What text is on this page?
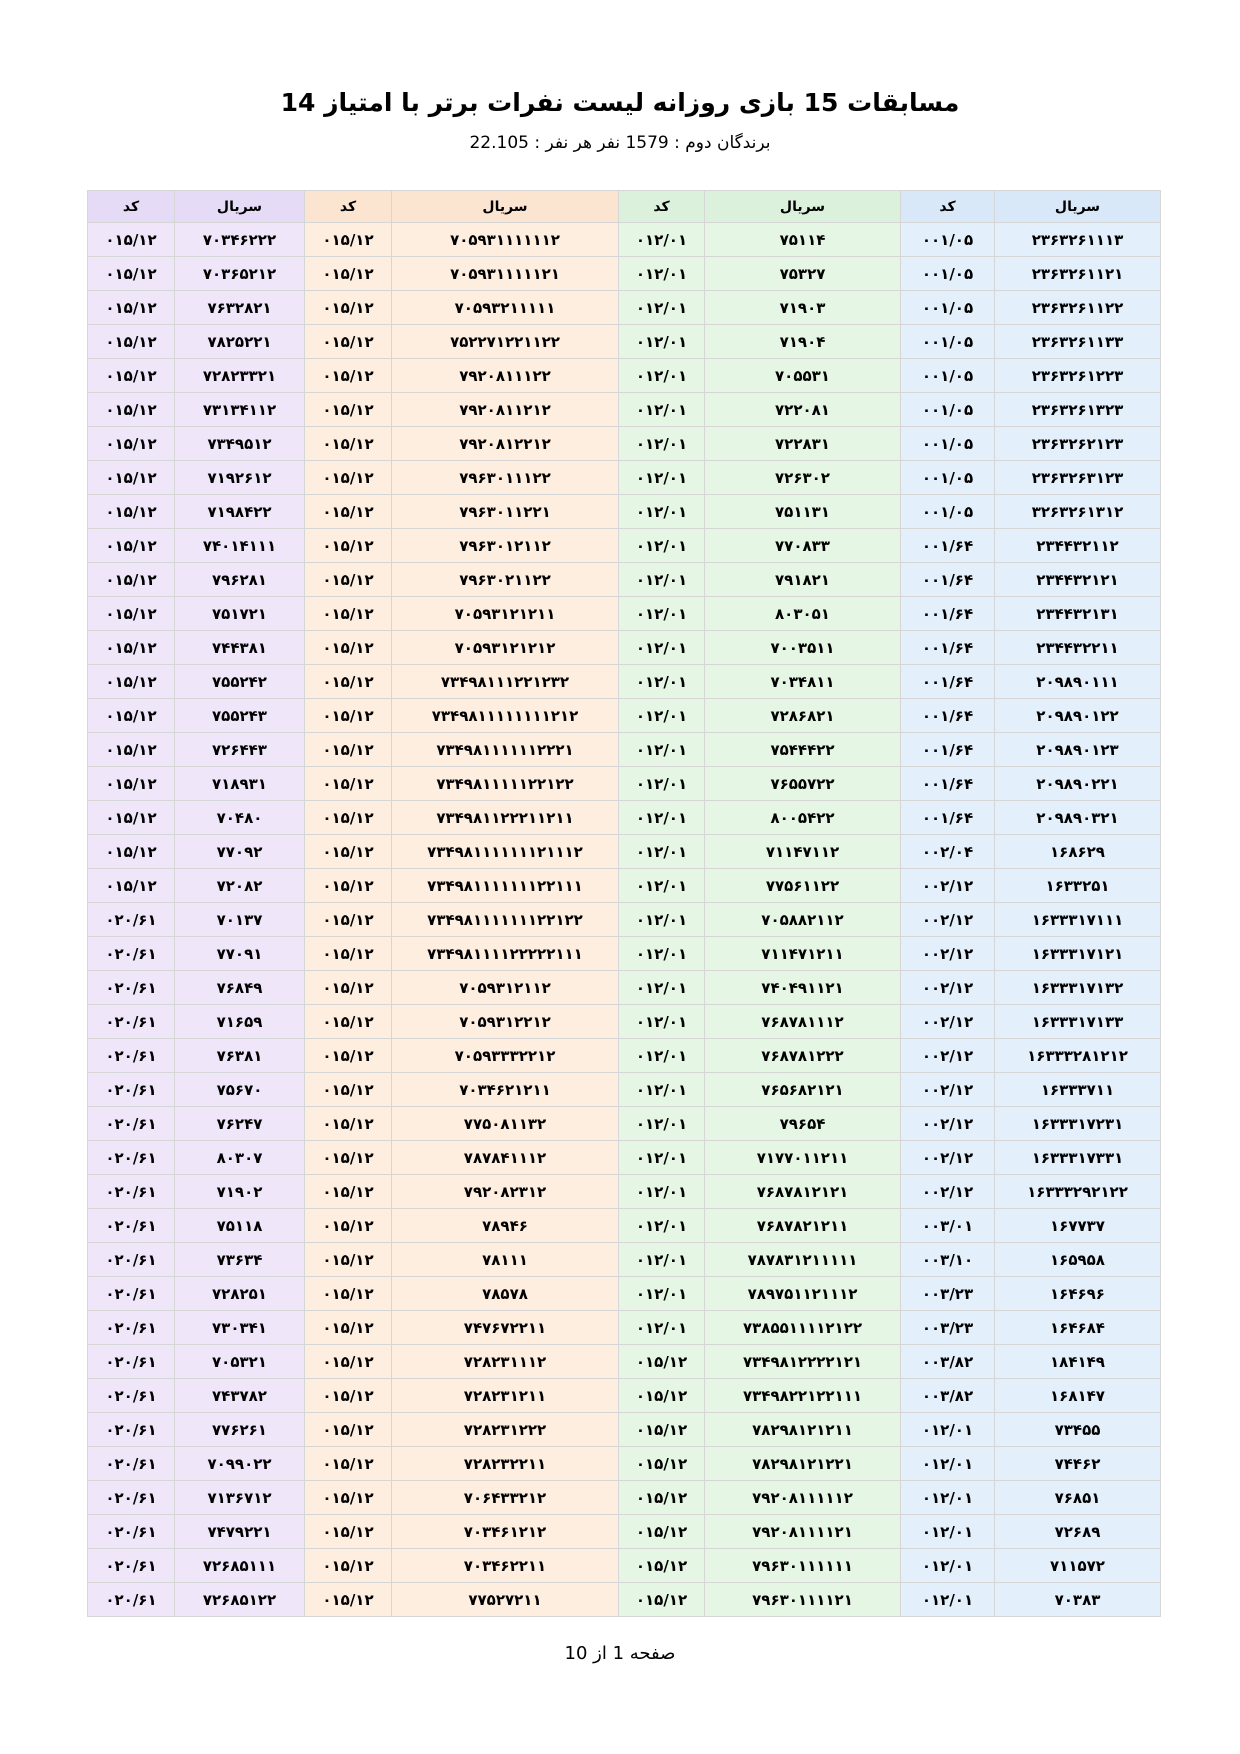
مسابقات 15 بازی روزانه لیست نفرات برتر با امتیاز 14
برندگان دوم : 1579 نفر هر نفر : 22.105
سریال	کد	سریال	کد	سریال	کد	سریال	کد
۲۳۶۳۲۶۱۱۱۳	۰۰۱/۰۵	۷۵۱۱۴	۰۱۲/۰۱	۷۰۵۹۳۱۱۱۱۱۱۲	۰۱۵/۱۲	۷۰۳۴۶۲۲۲	۰۱۵/۱۲
۲۳۶۳۲۶۱۱۲۱	۰۰۱/۰۵	۷۵۳۲۷	۰۱۲/۰۱	۷۰۵۹۳۱۱۱۱۱۲۱	۰۱۵/۱۲	۷۰۳۶۵۲۱۲	۰۱۵/۱۲
۲۳۶۳۲۶۱۱۲۲	۰۰۱/۰۵	۷۱۹۰۳	۰۱۲/۰۱	۷۰۵۹۳۲۱۱۱۱۱	۰۱۵/۱۲	۷۶۳۲۸۲۱	۰۱۵/۱۲
۲۳۶۳۲۶۱۱۳۳	۰۰۱/۰۵	۷۱۹۰۴	۰۱۲/۰۱	۷۵۲۲۷۱۲۲۱۱۲۲	۰۱۵/۱۲	۷۸۲۵۲۲۱	۰۱۵/۱۲
۲۳۶۳۲۶۱۲۲۳	۰۰۱/۰۵	۷۰۵۵۳۱	۰۱۲/۰۱	۷۹۲۰۸۱۱۱۲۲	۰۱۵/۱۲	۷۲۸۲۳۳۲۱	۰۱۵/۱۲
۲۳۶۳۲۶۱۳۲۳	۰۰۱/۰۵	۷۲۲۰۸۱	۰۱۲/۰۱	۷۹۲۰۸۱۱۲۱۲	۰۱۵/۱۲	۷۳۱۳۴۱۱۲	۰۱۵/۱۲
۲۳۶۳۲۶۲۱۲۳	۰۰۱/۰۵	۷۲۲۸۳۱	۰۱۲/۰۱	۷۹۲۰۸۱۲۲۱۲	۰۱۵/۱۲	۷۳۴۹۵۱۲	۰۱۵/۱۲
۲۳۶۳۲۶۳۱۲۳	۰۰۱/۰۵	۷۲۶۳۰۲	۰۱۲/۰۱	۷۹۶۳۰۱۱۱۲۲	۰۱۵/۱۲	۷۱۹۲۶۱۲	۰۱۵/۱۲
۳۲۶۳۲۶۱۳۱۲	۰۰۱/۰۵	۷۵۱۱۳۱	۰۱۲/۰۱	۷۹۶۳۰۱۱۲۲۱	۰۱۵/۱۲	۷۱۹۸۴۲۲	۰۱۵/۱۲
۲۳۴۴۳۲۱۱۲	۰۰۱/۶۴	۷۷۰۸۳۳	۰۱۲/۰۱	۷۹۶۳۰۱۲۱۱۲	۰۱۵/۱۲	۷۴۰۱۴۱۱۱	۰۱۵/۱۲
۲۳۴۴۳۲۱۲۱	۰۰۱/۶۴	۷۹۱۸۲۱	۰۱۲/۰۱	۷۹۶۳۰۲۱۱۲۲	۰۱۵/۱۲	۷۹۶۲۸۱	۰۱۵/۱۲
۲۳۴۴۳۲۱۳۱	۰۰۱/۶۴	۸۰۳۰۵۱	۰۱۲/۰۱	۷۰۵۹۳۱۲۱۲۱۱	۰۱۵/۱۲	۷۵۱۷۲۱	۰۱۵/۱۲
۲۳۴۴۳۲۲۱۱	۰۰۱/۶۴	۷۰۰۳۵۱۱	۰۱۲/۰۱	۷۰۵۹۳۱۲۱۲۱۲	۰۱۵/۱۲	۷۴۴۳۸۱	۰۱۵/۱۲
۲۰۹۸۹۰۱۱۱	۰۰۱/۶۴	۷۰۳۴۸۱۱	۰۱۲/۰۱	۷۳۴۹۸۱۱۱۲۲۱۲۳۲	۰۱۵/۱۲	۷۵۵۲۴۲	۰۱۵/۱۲
۲۰۹۸۹۰۱۲۲	۰۰۱/۶۴	۷۲۸۶۸۲۱	۰۱۲/۰۱	۷۳۴۹۸۱۱۱۱۱۱۱۱۲۱۲	۰۱۵/۱۲	۷۵۵۲۴۳	۰۱۵/۱۲
۲۰۹۸۹۰۱۲۳	۰۰۱/۶۴	۷۵۴۴۴۲۲	۰۱۲/۰۱	۷۳۴۹۸۱۱۱۱۱۱۲۲۲۱	۰۱۵/۱۲	۷۲۶۴۴۳	۰۱۵/۱۲
۲۰۹۸۹۰۲۲۱	۰۰۱/۶۴	۷۶۵۵۷۲۲	۰۱۲/۰۱	۷۳۴۹۸۱۱۱۱۱۲۲۱۲۲	۰۱۵/۱۲	۷۱۸۹۳۱	۰۱۵/۱۲
۲۰۹۸۹۰۳۲۱	۰۰۱/۶۴	۸۰۰۵۴۲۲	۰۱۲/۰۱	۷۳۴۹۸۱۱۲۲۲۱۱۲۱۱	۰۱۵/۱۲	۷۰۴۸۰	۰۱۵/۱۲
۱۶۸۶۲۹	۰۰۲/۰۴	۷۱۱۴۷۱۱۲	۰۱۲/۰۱	۷۳۴۹۸۱۱۱۱۱۱۱۲۱۱۱۲	۰۱۵/۱۲	۷۷۰۹۲	۰۱۵/۱۲
۱۶۳۳۲۵۱	۰۰۲/۱۲	۷۷۵۶۱۱۲۲	۰۱۲/۰۱	۷۳۴۹۸۱۱۱۱۱۱۱۲۲۱۱۱	۰۱۵/۱۲	۷۲۰۸۲	۰۱۵/۱۲
۱۶۳۳۳۱۷۱۱۱	۰۰۲/۱۲	۷۰۵۸۸۲۱۱۲	۰۱۲/۰۱	۷۳۴۹۸۱۱۱۱۱۱۱۲۲۱۲۲	۰۱۵/۱۲	۷۰۱۳۷	۰۲۰/۶۱
۱۶۳۳۳۱۷۱۲۱	۰۰۲/۱۲	۷۱۱۴۷۱۲۱۱	۰۱۲/۰۱	۷۳۴۹۸۱۱۱۱۲۲۲۲۲۱۱۱	۰۱۵/۱۲	۷۷۰۹۱	۰۲۰/۶۱
۱۶۳۳۳۱۷۱۳۲	۰۰۲/۱۲	۷۴۰۴۹۱۱۲۱	۰۱۲/۰۱	۷۰۵۹۳۱۲۱۱۲	۰۱۵/۱۲	۷۶۸۴۹	۰۲۰/۶۱
۱۶۳۳۳۱۷۱۳۳	۰۰۲/۱۲	۷۶۸۷۸۱۱۱۲	۰۱۲/۰۱	۷۰۵۹۳۱۲۲۱۲	۰۱۵/۱۲	۷۱۶۵۹	۰۲۰/۶۱
۱۶۳۳۳۲۸۱۲۱۲	۰۰۲/۱۲	۷۶۸۷۸۱۲۲۲	۰۱۲/۰۱	۷۰۵۹۳۳۳۲۲۱۲	۰۱۵/۱۲	۷۶۳۸۱	۰۲۰/۶۱
۱۶۳۳۳۷۱۱	۰۰۲/۱۲	۷۶۵۶۸۲۱۲۱	۰۱۲/۰۱	۷۰۳۴۶۲۱۲۱۱	۰۱۵/۱۲	۷۵۶۷۰	۰۲۰/۶۱
۱۶۳۳۳۱۷۲۳۱	۰۰۲/۱۲	۷۹۶۵۴	۰۱۲/۰۱	۷۷۵۰۸۱۱۳۲	۰۱۵/۱۲	۷۶۲۴۷	۰۲۰/۶۱
۱۶۳۳۳۱۷۳۳۱	۰۰۲/۱۲	۷۱۷۷۰۱۱۲۱۱	۰۱۲/۰۱	۷۸۷۸۴۱۱۱۲	۰۱۵/۱۲	۸۰۳۰۷	۰۲۰/۶۱
۱۶۳۳۳۲۹۲۱۲۲	۰۰۲/۱۲	۷۶۸۷۸۱۲۱۲۱	۰۱۲/۰۱	۷۹۲۰۸۲۳۱۲	۰۱۵/۱۲	۷۱۹۰۲	۰۲۰/۶۱
۱۶۷۷۳۷	۰۰۳/۰۱	۷۶۸۷۸۲۱۲۱۱	۰۱۲/۰۱	۷۸۹۴۶	۰۱۵/۱۲	۷۵۱۱۸	۰۲۰/۶۱
۱۶۵۹۵۸	۰۰۳/۱۰	۷۸۷۸۳۱۲۱۱۱۱۱	۰۱۲/۰۱	۷۸۱۱۱	۰۱۵/۱۲	۷۳۶۳۴	۰۲۰/۶۱
۱۶۴۶۹۶	۰۰۳/۲۳	۷۸۹۷۵۱۱۲۱۱۱۲	۰۱۲/۰۱	۷۸۵۷۸	۰۱۵/۱۲	۷۲۸۲۵۱	۰۲۰/۶۱
۱۶۴۶۸۴	۰۰۳/۲۳	۷۳۸۵۵۱۱۱۱۲۱۲۲	۰۱۲/۰۱	۷۴۷۶۷۲۲۱۱	۰۱۵/۱۲	۷۳۰۳۴۱	۰۲۰/۶۱
۱۸۴۱۴۹	۰۰۳/۸۲	۷۳۴۹۸۱۲۲۲۲۱۲۱	۰۱۵/۱۲	۷۲۸۲۳۱۱۱۲	۰۱۵/۱۲	۷۰۵۳۲۱	۰۲۰/۶۱
۱۶۸۱۴۷	۰۰۳/۸۲	۷۳۴۹۸۲۲۱۲۲۱۱۱	۰۱۵/۱۲	۷۲۸۲۳۱۲۱۱	۰۱۵/۱۲	۷۴۳۷۸۲	۰۲۰/۶۱
۷۳۴۵۵	۰۱۲/۰۱	۷۸۲۹۸۱۲۱۲۱۱	۰۱۵/۱۲	۷۲۸۲۳۱۲۲۲	۰۱۵/۱۲	۷۷۶۲۶۱	۰۲۰/۶۱
۷۴۴۶۲	۰۱۲/۰۱	۷۸۲۹۸۱۲۱۲۲۱	۰۱۵/۱۲	۷۲۸۲۳۲۲۱۱	۰۱۵/۱۲	۷۰۹۹۰۲۲	۰۲۰/۶۱
۷۶۸۵۱	۰۱۲/۰۱	۷۹۲۰۸۱۱۱۱۱۲	۰۱۵/۱۲	۷۰۶۴۳۳۲۱۲	۰۱۵/۱۲	۷۱۳۶۷۱۲	۰۲۰/۶۱
۷۲۶۸۹	۰۱۲/۰۱	۷۹۲۰۸۱۱۱۱۲۱	۰۱۵/۱۲	۷۰۳۴۶۱۲۱۲	۰۱۵/۱۲	۷۴۷۹۲۲۱	۰۲۰/۶۱
۷۱۱۵۷۲	۰۱۲/۰۱	۷۹۶۳۰۱۱۱۱۱۱	۰۱۵/۱۲	۷۰۳۴۶۲۲۱۱	۰۱۵/۱۲	۷۲۶۸۵۱۱۱	۰۲۰/۶۱
۷۰۳۸۳	۰۱۲/۰۱	۷۹۶۳۰۱۱۱۱۲۱	۰۱۵/۱۲	۷۷۵۲۷۲۱۱	۰۱۵/۱۲	۷۲۶۸۵۱۲۲	۰۲۰/۶۱
صفحه 1 از 10
